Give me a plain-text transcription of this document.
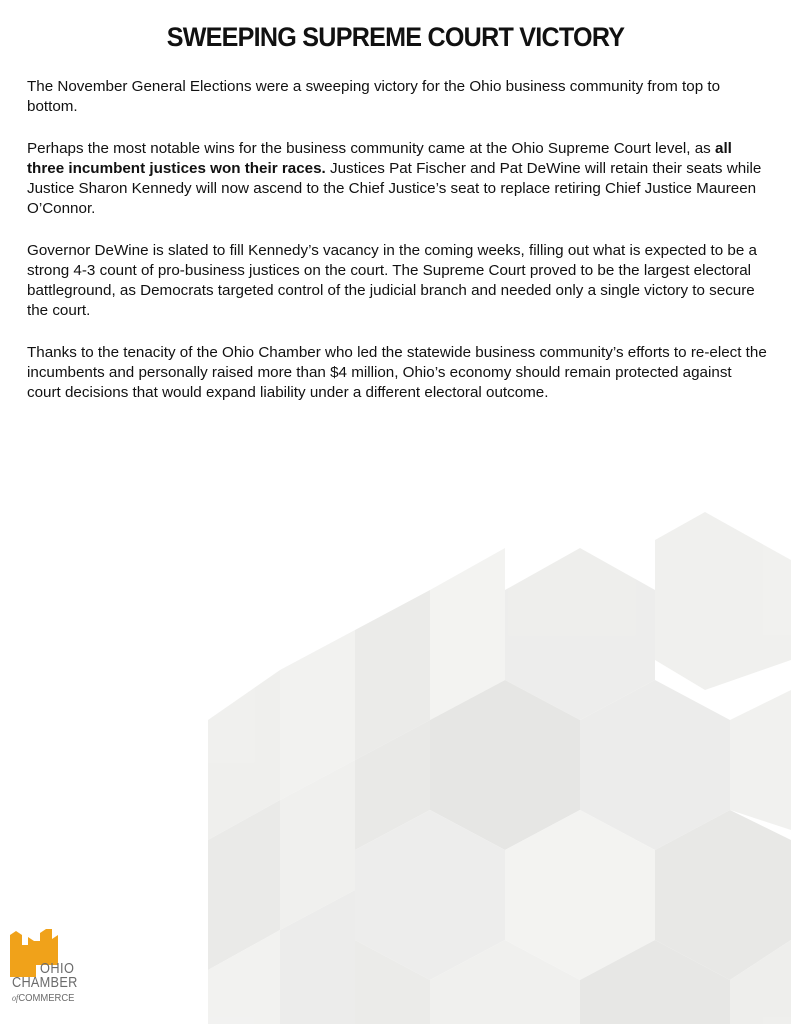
SWEEPING SUPREME COURT VICTORY

The November General Elections were a sweeping victory for the Ohio business community from top to bottom.

Perhaps the most notable wins for the business community came at the Ohio Supreme Court level, as all three incumbent justices won their races. Justices Pat Fischer and Pat DeWine will retain their seats while Justice Sharon Kennedy will now ascend to the Chief Justice’s seat to replace retiring Chief Justice Maureen O’Connor.

Governor DeWine is slated to fill Kennedy’s vacancy in the coming weeks, filling out what is expected to be a strong 4-3 count of pro-business justices on the court. The Supreme Court proved to be the largest electoral battleground, as Democrats targeted control of the judicial branch and needed only a single victory to secure the court.

Thanks to the tenacity of the Ohio Chamber who led the statewide business community’s efforts to re-elect the incumbents and personally raised more than $4 million, Ohio’s economy should remain protected against court decisions that would expand liability under a different electoral outcome.

OHIO
CHAMBER
ofCOMMERCE
